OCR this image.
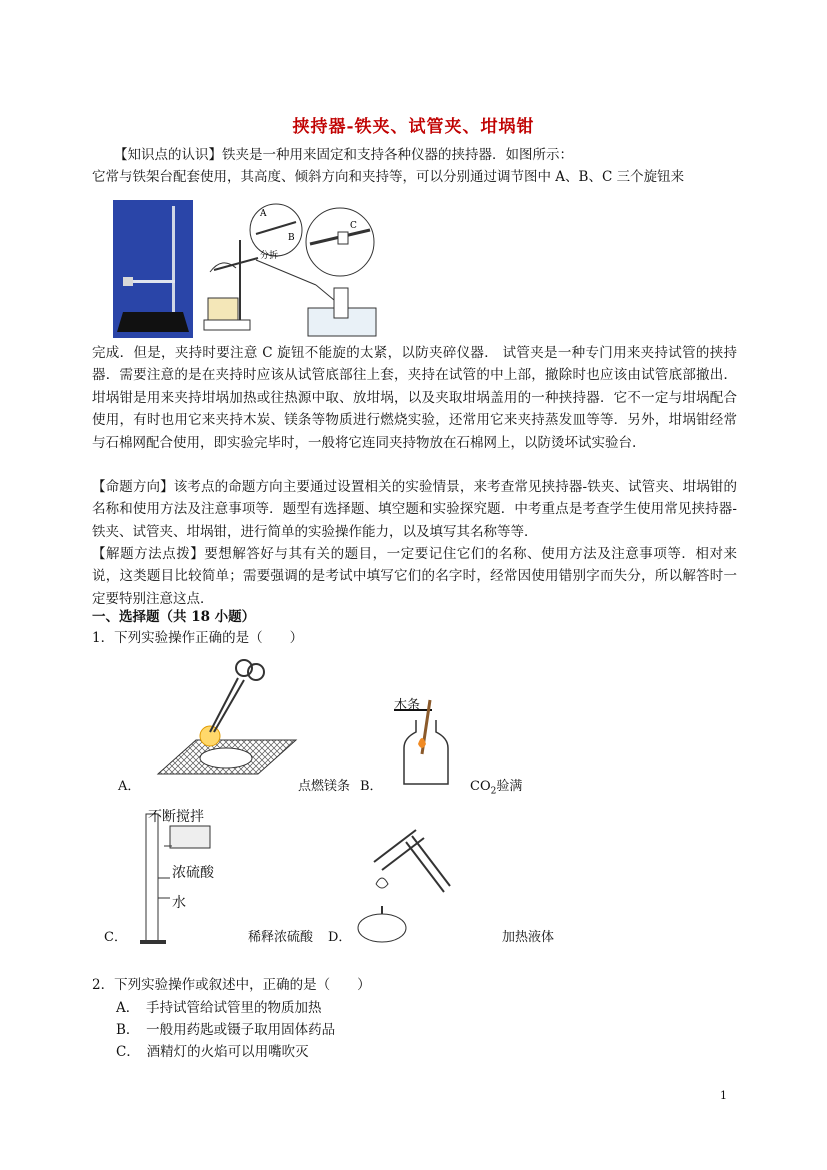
挟持器-铁夹、试管夹、坩埚钳
【知识点的认识】铁夹是一种用来固定和支持各种仪器的挟持器．如图所示：
它常与铁架台配套使用，其高度、倾斜方向和夹持等，可以分别通过调节图中 A、B、C 三个旋钮来
A
B
分拆
C
完成．但是，夹持时要注意 C 旋钮不能旋的太紧，以防夹碎仪器． 试管夹是一种专门用来夹持试管的挟持器．需要注意的是在夹持时应该从试管底部往上套，夹持在试管的中上部，撤除时也应该由试管底部撤出． 坩埚钳是用来夹持坩埚加热或往热源中取、放坩埚，以及夹取坩埚盖用的一种挟持器．它不一定与坩埚配合使用，有时也用它来夹持木炭、镁条等物质进行燃烧实验，还常用它来夹持蒸发皿等等．另外，坩埚钳经常与石棉网配合使用，即实验完毕时，一般将它连同夹持物放在石棉网上，以防烫坏试实验台.
【命题方向】该考点的命题方向主要通过设置相关的实验情景，来考查常见挟持器-铁夹、试管夹、坩埚钳的名称和使用方法及注意事项等．题型有选择题、填空题和实验探究题．中考重点是考查学生使用常见挟持器-铁夹、试管夹、坩埚钳，进行简单的实验操作能力，以及填写其名称等等．
【解题方法点拨】要想解答好与其有关的题目，一定要记住它们的名称、使用方法及注意事项等．相对来说，这类题目比较简单；需要强调的是考试中填写它们的名字时，经常因使用错别字而失分，所以解答时一定要特别注意这点．
一、选择题（共 18 小题）
1．下列实验操作正确的是（　　）
A．	点燃镁条
木条
B．	$CO_2$验满
不断搅拌
浓硫酸
水
C．	稀释浓硫酸 D．	加热液体
2．下列实验操作或叙述中，正确的是（　　）
A．　手持试管给试管里的物质加热
B．　一般用药匙或镊子取用固体药品
C．　酒精灯的火焰可以用嘴吹灭
1
